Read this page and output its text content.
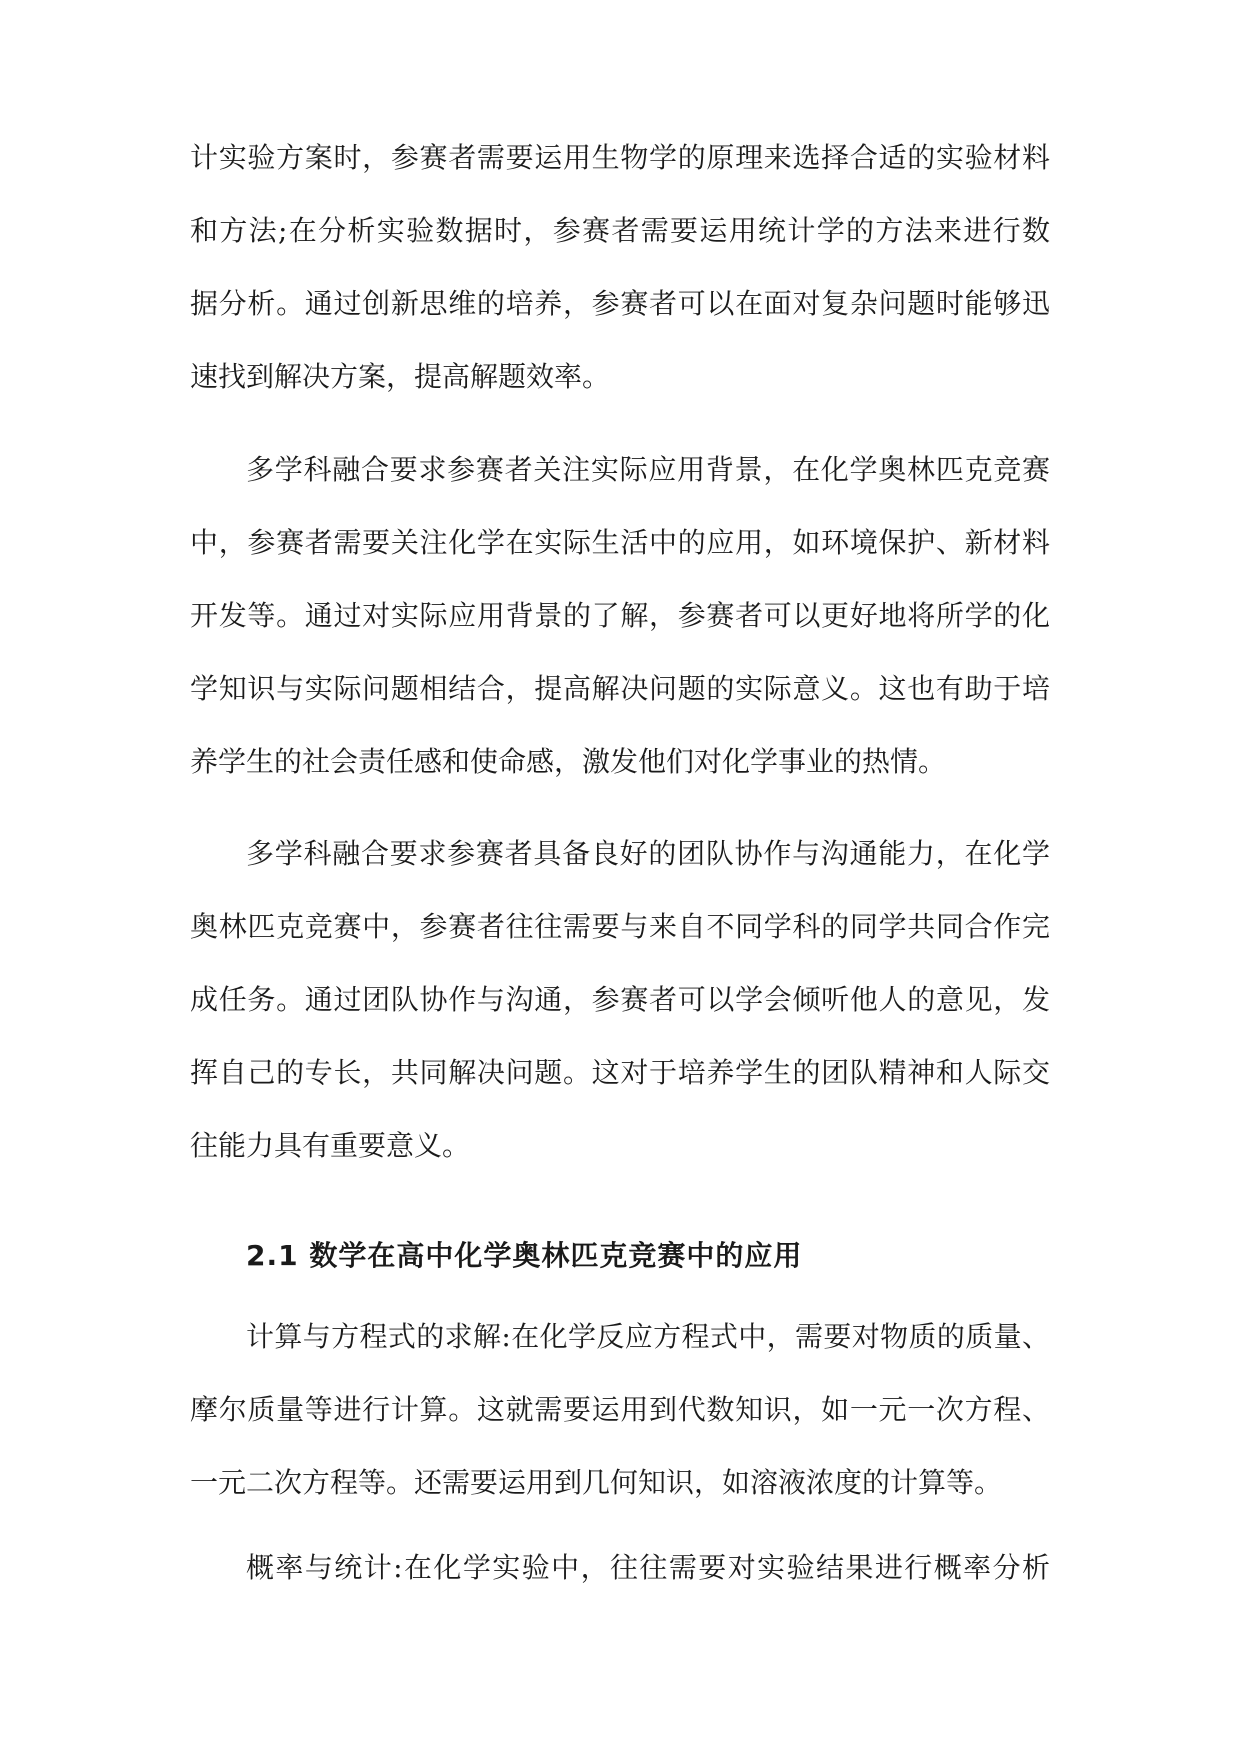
计实验方案时，参赛者需要运用生物学的原理来选择合适的实验材料
和方法;在分析实验数据时，参赛者需要运用统计学的方法来进行数
据分析。通过创新思维的培养，参赛者可以在面对复杂问题时能够迅
速找到解决方案，提高解题效率。
多学科融合要求参赛者关注实际应用背景，在化学奥林匹克竞赛
中，参赛者需要关注化学在实际生活中的应用，如环境保护、新材料
开发等。通过对实际应用背景的了解，参赛者可以更好地将所学的化
学知识与实际问题相结合，提高解决问题的实际意义。这也有助于培
养学生的社会责任感和使命感，激发他们对化学事业的热情。
多学科融合要求参赛者具备良好的团队协作与沟通能力，在化学
奥林匹克竞赛中，参赛者往往需要与来自不同学科的同学共同合作完
成任务。通过团队协作与沟通，参赛者可以学会倾听他人的意见，发
挥自己的专长，共同解决问题。这对于培养学生的团队精神和人际交
往能力具有重要意义。
2.1 数学在高中化学奥林匹克竞赛中的应用
计算与方程式的求解:在化学反应方程式中，需要对物质的质量、
摩尔质量等进行计算。这就需要运用到代数知识，如一元一次方程、
一元二次方程等。还需要运用到几何知识，如溶液浓度的计算等。
概率与统计:在化学实验中，往往需要对实验结果进行概率分析
